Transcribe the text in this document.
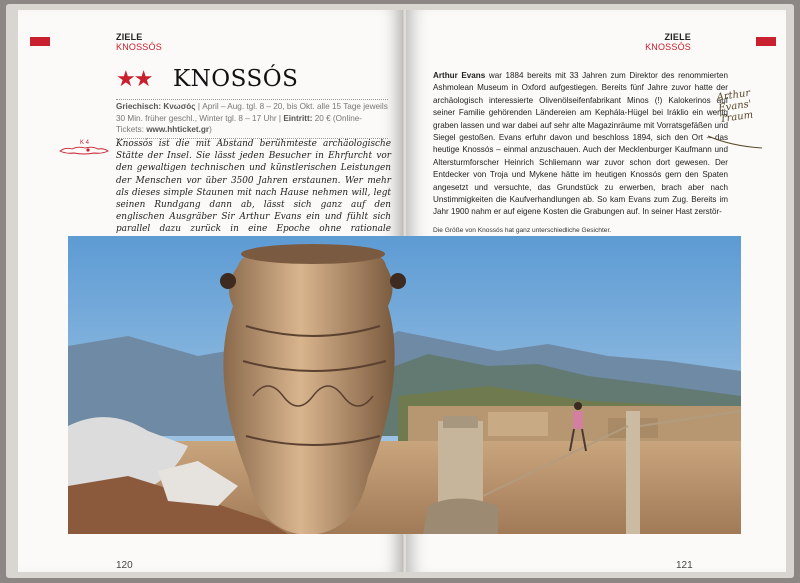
ZIELE
KNOSSÓS
★★ KNOSSÓS
K 4
Griechisch: Κνωσός | April – Aug. tgl. 8 – 20, bis Okt. alle 15 Tage jeweils 30 Min. früher geschl., Winter tgl. 8 – 17 Uhr | Eintritt: 20 € (Online-Tickets: www.hhticket.gr)
Knossós ist die mit Abstand berühmteste archäologische Stätte der Insel. Sie lässt jeden Besucher in Ehrfurcht vor den gewaltigen technischen und künstlerischen Leistungen der Menschen vor über 3500 Jahren erstaunen. Wer mehr als dieses simple Staunen mit nach Hause nehmen will, legt seinen Rundgang dann ab, lässt sich ganz auf den englischen Ausgräber Sir Arthur Evans ein und fühlt sich parallel dazu zurück in eine Epoche ohne rationale
120
ZIELE
KNOSSÓS
Arthur Evans war 1884 bereits mit 33 Jahren zum Direktor des renommierten Ashmolean Museum in Oxford aufgestiegen. Bereits fünf Jahre zuvor hatte der archäologisch interessierte Olivenölseifenfabrikant Minos (!) Kalokerinos auf seiner Familie gehörenden Ländereien am Kephála-Hügel bei Iráklio ein wenig graben lassen und war dabei auf sehr alte Magazinräume mit Vorratsgefäßen und Siegel gestoßen. Evans erfuhr davon und beschloss 1894, sich den Ort – das heutige Knossós – einmal anzuschauen. Auch der Mecklenburger Kaufmann und Altersturmforscher Heinrich Schliemann war zuvor schon dort gewesen. Der Entdecker von Troja und Mykene hätte im heutigen Knossós gern den Spaten angesetzt und versuchte, das Grundstück zu erwerben, brach aber nach Unstimmigkeiten die Kaufverhandlungen ab. So kam Evans zum Zug. Bereits im Jahr 1900 nahm er auf eigene Kosten die Grabungen auf. In seiner Hast zerstör-
Arthur Evans' Traum
Die Größe von Knossós hat ganz unterschiedliche Gesichter.
121
